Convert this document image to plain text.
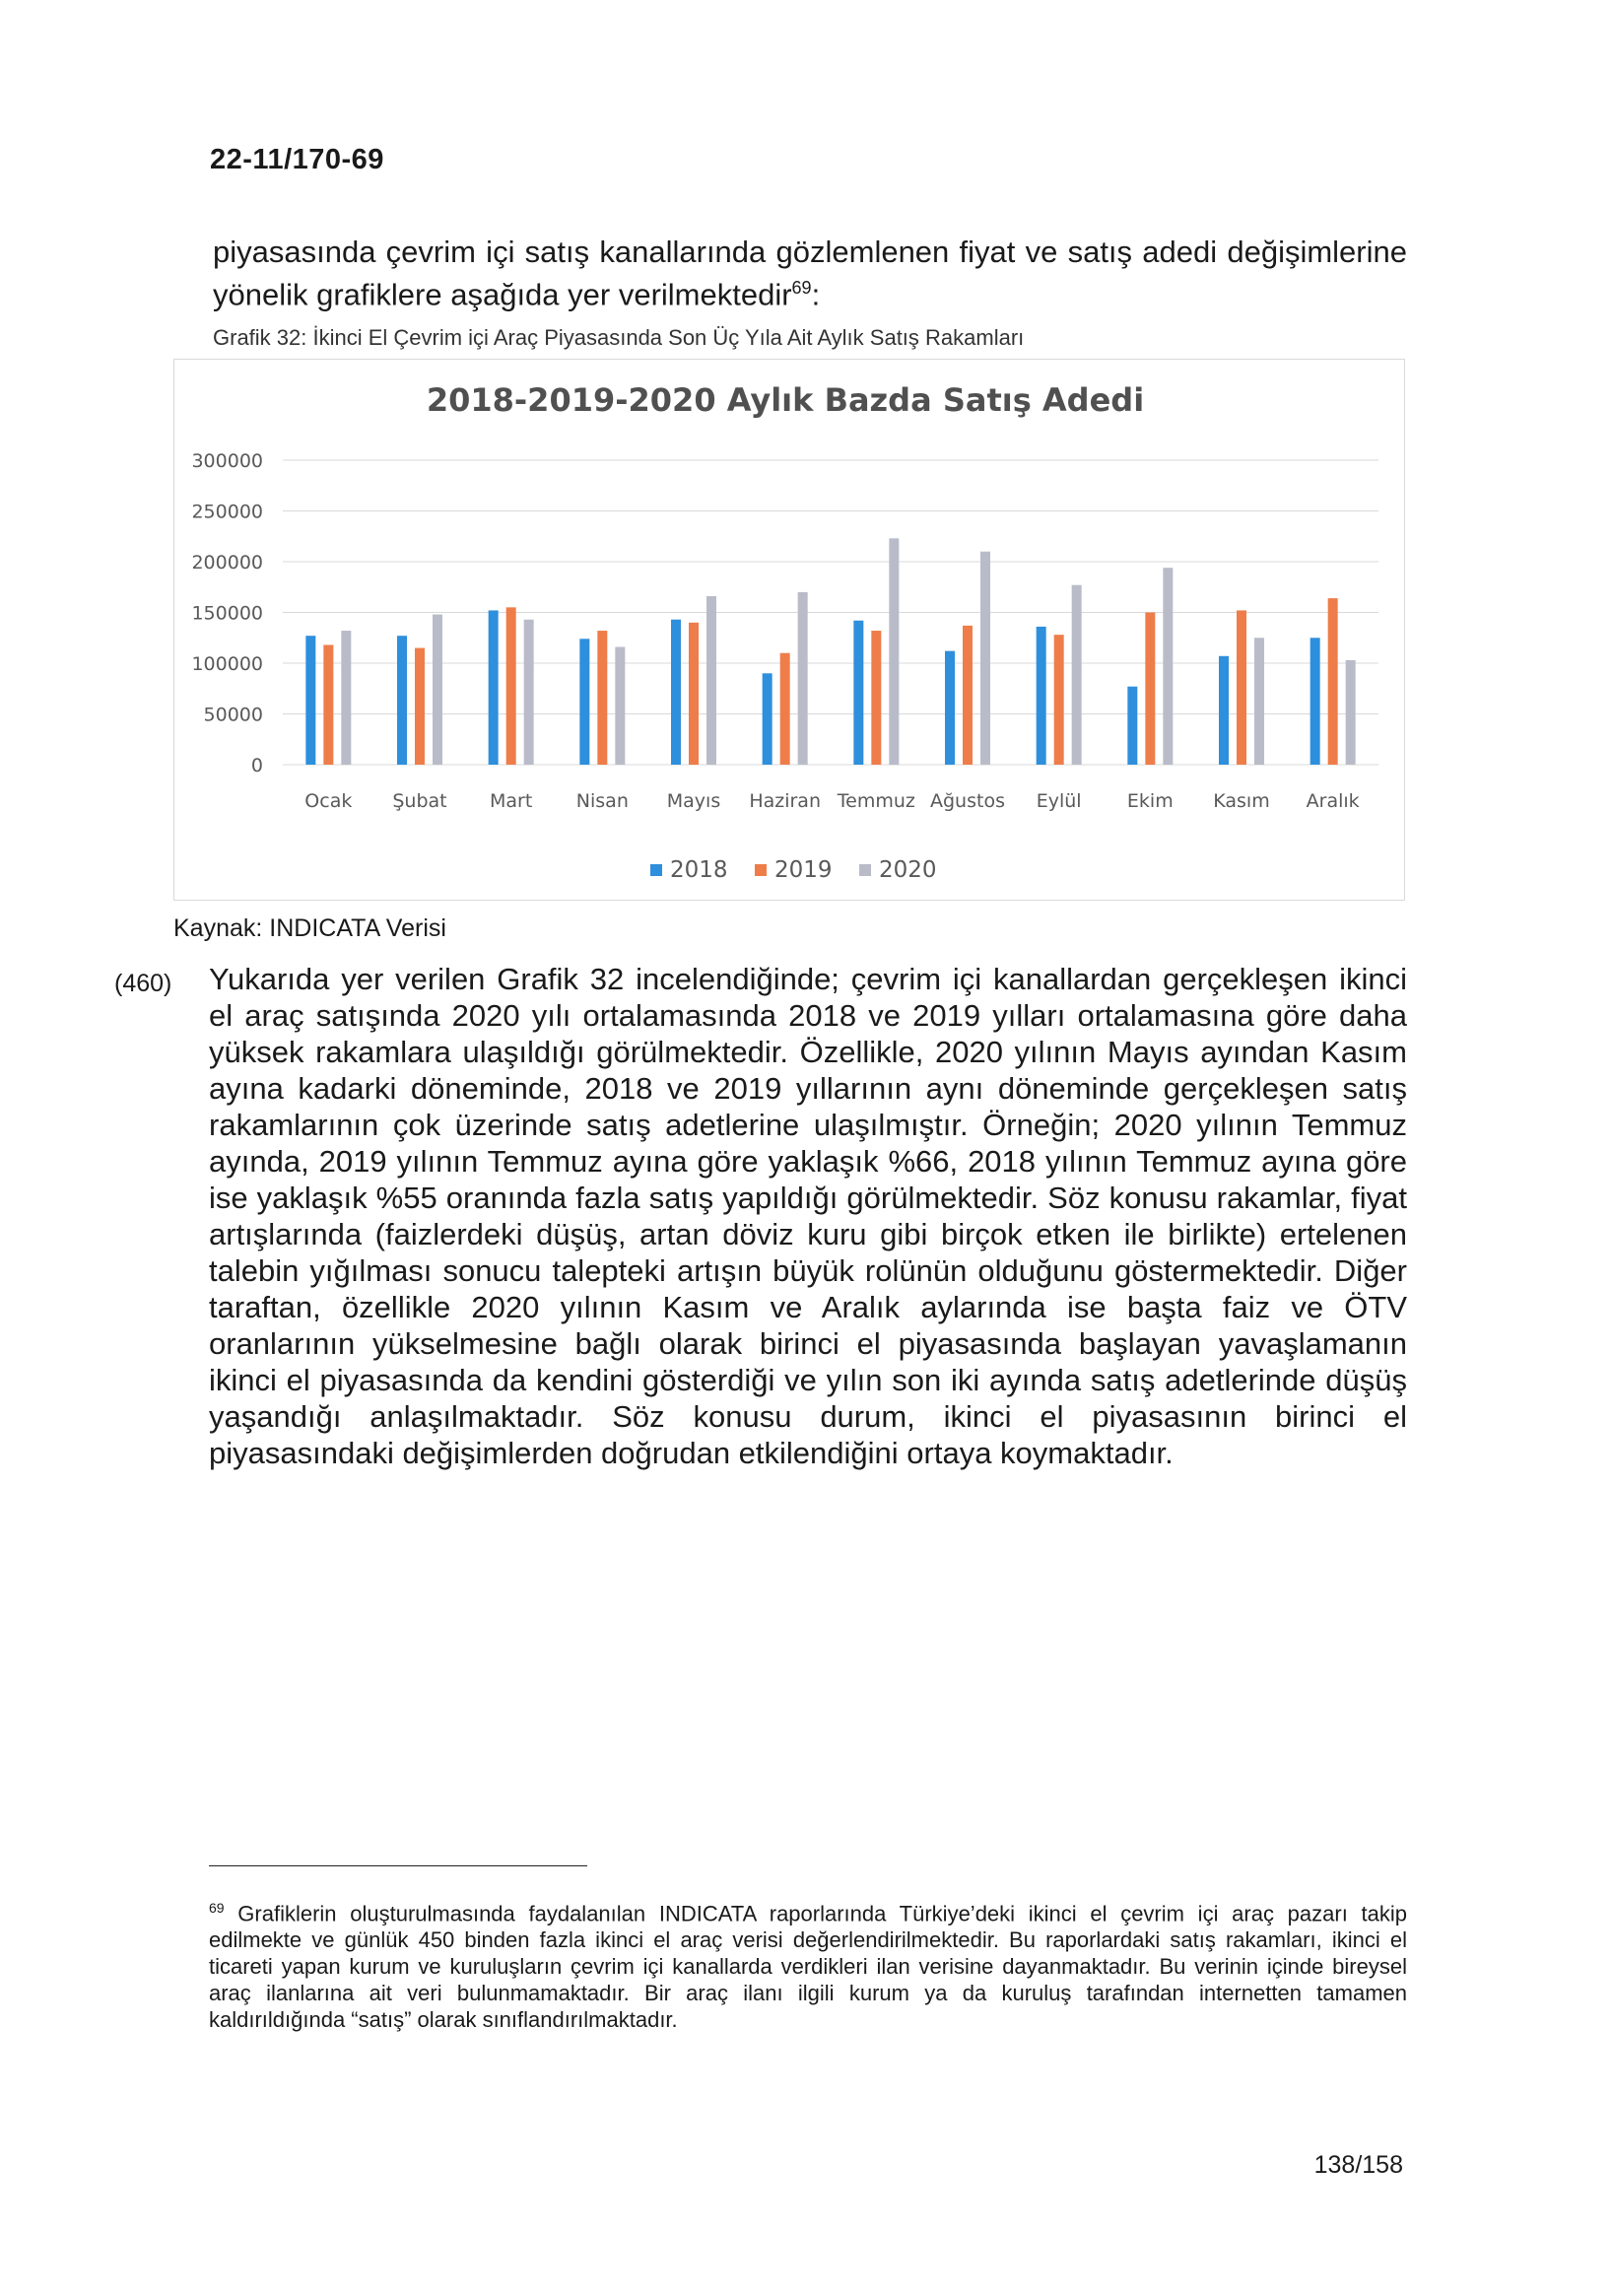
22-11/170-69
piyasasında çevrim içi satış kanallarında gözlemlenen fiyat ve satış adedi değişimlerine yönelik grafiklere aşağıda yer verilmektedir$^{69}$:
Grafik 32: İkinci El Çevrim içi Araç Piyasasında Son Üç Yıla Ait Aylık Satış Rakamları
2018-2019-2020 Aylık Bazda Satış Adedi
0
50000
100000
150000
200000
250000
300000
Ocak Şubat Mart Nisan Mayıs Haziran Temmuz Ağustos Eylül Ekim Kasım Aralık
2018 2019 2020
Kaynak: INDICATA Verisi
(460) Yukarıda yer verilen Grafik 32 incelendiğinde; çevrim içi kanallardan gerçekleşen ikinci el araç satışında 2020 yılı ortalamasında 2018 ve 2019 yılları ortalamasına göre daha yüksek rakamlara ulaşıldığı görülmektedir. Özellikle, 2020 yılının Mayıs ayından Kasım ayına kadarki döneminde, 2018 ve 2019 yıllarının aynı döneminde gerçekleşen satış rakamlarının çok üzerinde satış adetlerine ulaşılmıştır. Örneğin; 2020 yılının Temmuz ayında, 2019 yılının Temmuz ayına göre yaklaşık %66, 2018 yılının Temmuz ayına göre ise yaklaşık %55 oranında fazla satış yapıldığı görülmektedir. Söz konusu rakamlar, fiyat artışlarında (faizlerdeki düşüş, artan döviz kuru gibi birçok etken ile birlikte) ertelenen talebin yığılması sonucu talepteki artışın büyük rolünün olduğunu göstermektedir. Diğer taraftan, özellikle 2020 yılının Kasım ve Aralık aylarında ise başta faiz ve ÖTV oranlarının yükselmesine bağlı olarak birinci el piyasasında başlayan yavaşlamanın ikinci el piyasasında da kendini gösterdiği ve yılın son iki ayında satış adetlerinde düşüş yaşandığı anlaşılmaktadır. Söz konusu durum, ikinci el piyasasının birinci el piyasasındaki değişimlerden doğrudan etkilendiğini ortaya koymaktadır.
$^{69}$ Grafiklerin oluşturulmasında faydalanılan INDICATA raporlarında Türkiye’deki ikinci el çevrim içi araç pazarı takip edilmekte ve günlük 450 binden fazla ikinci el araç verisi değerlendirilmektedir. Bu raporlardaki satış rakamları, ikinci el ticareti yapan kurum ve kuruluşların çevrim içi kanallarda verdikleri ilan verisine dayanmaktadır. Bu verinin içinde bireysel araç ilanlarına ait veri bulunmamaktadır. Bir araç ilanı ilgili kurum ya da kuruluş tarafından internetten tamamen kaldırıldığında “satış” olarak sınıflandırılmaktadır.
138/158
